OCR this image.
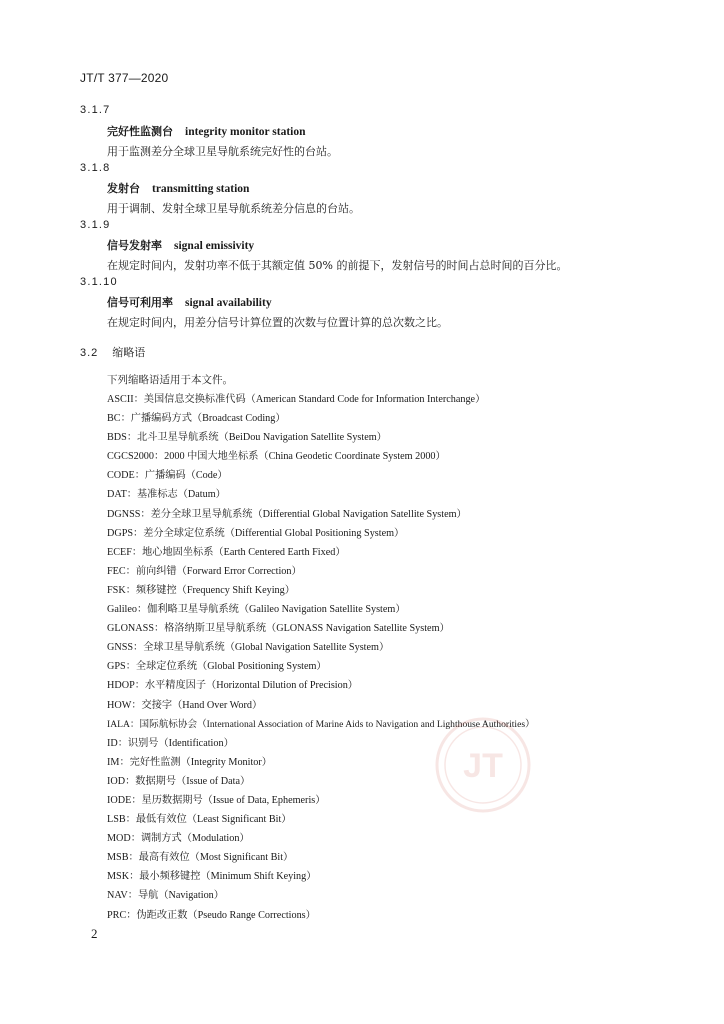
JT/T 377—2020
3.1.7
完好性监测台 integrity monitor station
用于监测差分全球卫星导航系统完好性的台站。
3.1.8
发射台 transmitting station
用于调制、发射全球卫星导航系统差分信息的台站。
3.1.9
信号发射率 signal emissivity
在规定时间内，发射功率不低于其额定值 50% 的前提下，发射信号的时间占总时间的百分比。
3.1.10
信号可利用率 signal availability
在规定时间内，用差分信号计算位置的次数与位置计算的总次数之比。
3.2 缩略语
下列缩略语适用于本文件。
ASCII：美国信息交换标准代码（American Standard Code for Information Interchange）
BC：广播编码方式（Broadcast Coding）
BDS：北斗卫星导航系统（BeiDou Navigation Satellite System）
CGCS2000：2000 中国大地坐标系（China Geodetic Coordinate System 2000）
CODE：广播编码（Code）
DAT：基准标志（Datum）
DGNSS：差分全球卫星导航系统（Differential Global Navigation Satellite System）
DGPS：差分全球定位系统（Differential Global Positioning System）
ECEF：地心地固坐标系（Earth Centered Earth Fixed）
FEC：前向纠错（Forward Error Correction）
FSK：频移键控（Frequency Shift Keying）
Galileo：伽利略卫星导航系统（Galileo Navigation Satellite System）
GLONASS：格洛纳斯卫星导航系统（GLONASS Navigation Satellite System）
GNSS：全球卫星导航系统（Global Navigation Satellite System）
GPS：全球定位系统（Global Positioning System）
HDOP：水平精度因子（Horizontal Dilution of Precision）
HOW：交接字（Hand Over Word）
IALA：国际航标协会（International Association of Marine Aids to Navigation and Lighthouse Authorities）
ID：识别号（Identification）
IM：完好性监测（Integrity Monitor）
IOD：数据期号（Issue of Data）
IODE：星历数据期号（Issue of Data, Ephemeris）
LSB：最低有效位（Least Significant Bit）
MOD：调制方式（Modulation）
MSB：最高有效位（Most Significant Bit）
MSK：最小频移键控（Minimum Shift Keying）
NAV：导航（Navigation）
PRC：伪距改正数（Pseudo Range Corrections）
JT
2
